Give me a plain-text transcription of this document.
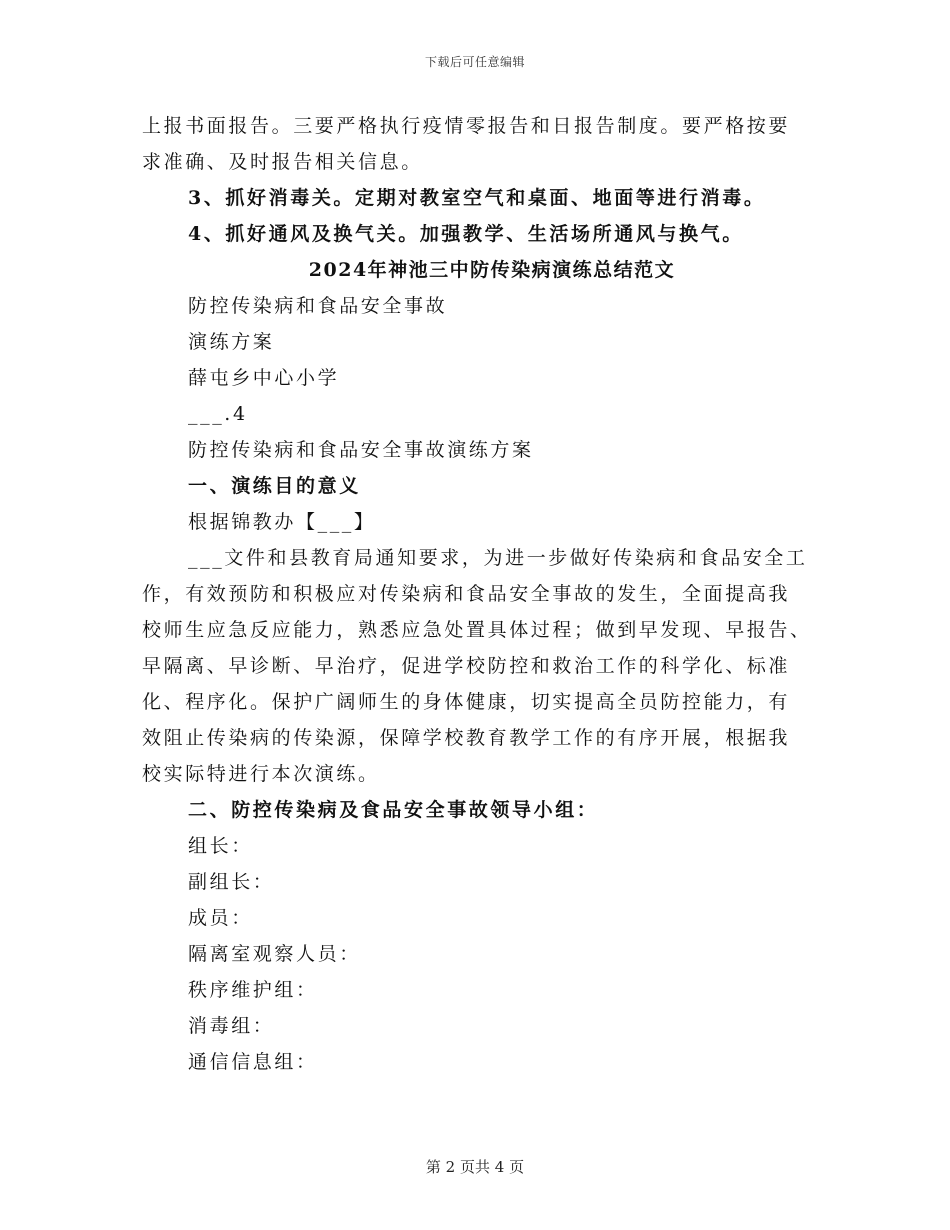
下载后可任意编辑
上报书面报告。三要严格执行疫情零报告和日报告制度。要严格按要
求准确、及时报告相关信息。
3、抓好消毒关。定期对教室空气和桌面、地面等进行消毒。
4、抓好通风及换气关。加强教学、生活场所通风与换气。
2024年神池三中防传染病演练总结范文
防控传染病和食品安全事故
演练方案
薛屯乡中心小学
___.4
防控传染病和食品安全事故演练方案
一、演练目的意义
根据锦教办【___】
___文件和县教育局通知要求，为进一步做好传染病和食品安全工
作，有效预防和积极应对传染病和食品安全事故的发生，全面提高我
校师生应急反应能力，熟悉应急处置具体过程；做到早发现、早报告、
早隔离、早诊断、早治疗，促进学校防控和救治工作的科学化、标准
化、程序化。保护广阔师生的身体健康，切实提高全员防控能力，有
效阻止传染病的传染源，保障学校教育教学工作的有序开展，根据我
校实际特进行本次演练。
二、防控传染病及食品安全事故领导小组：
组长：
副组长：
成员：
隔离室观察人员：
秩序维护组：
消毒组：
通信信息组：
第 2 页共 4 页
